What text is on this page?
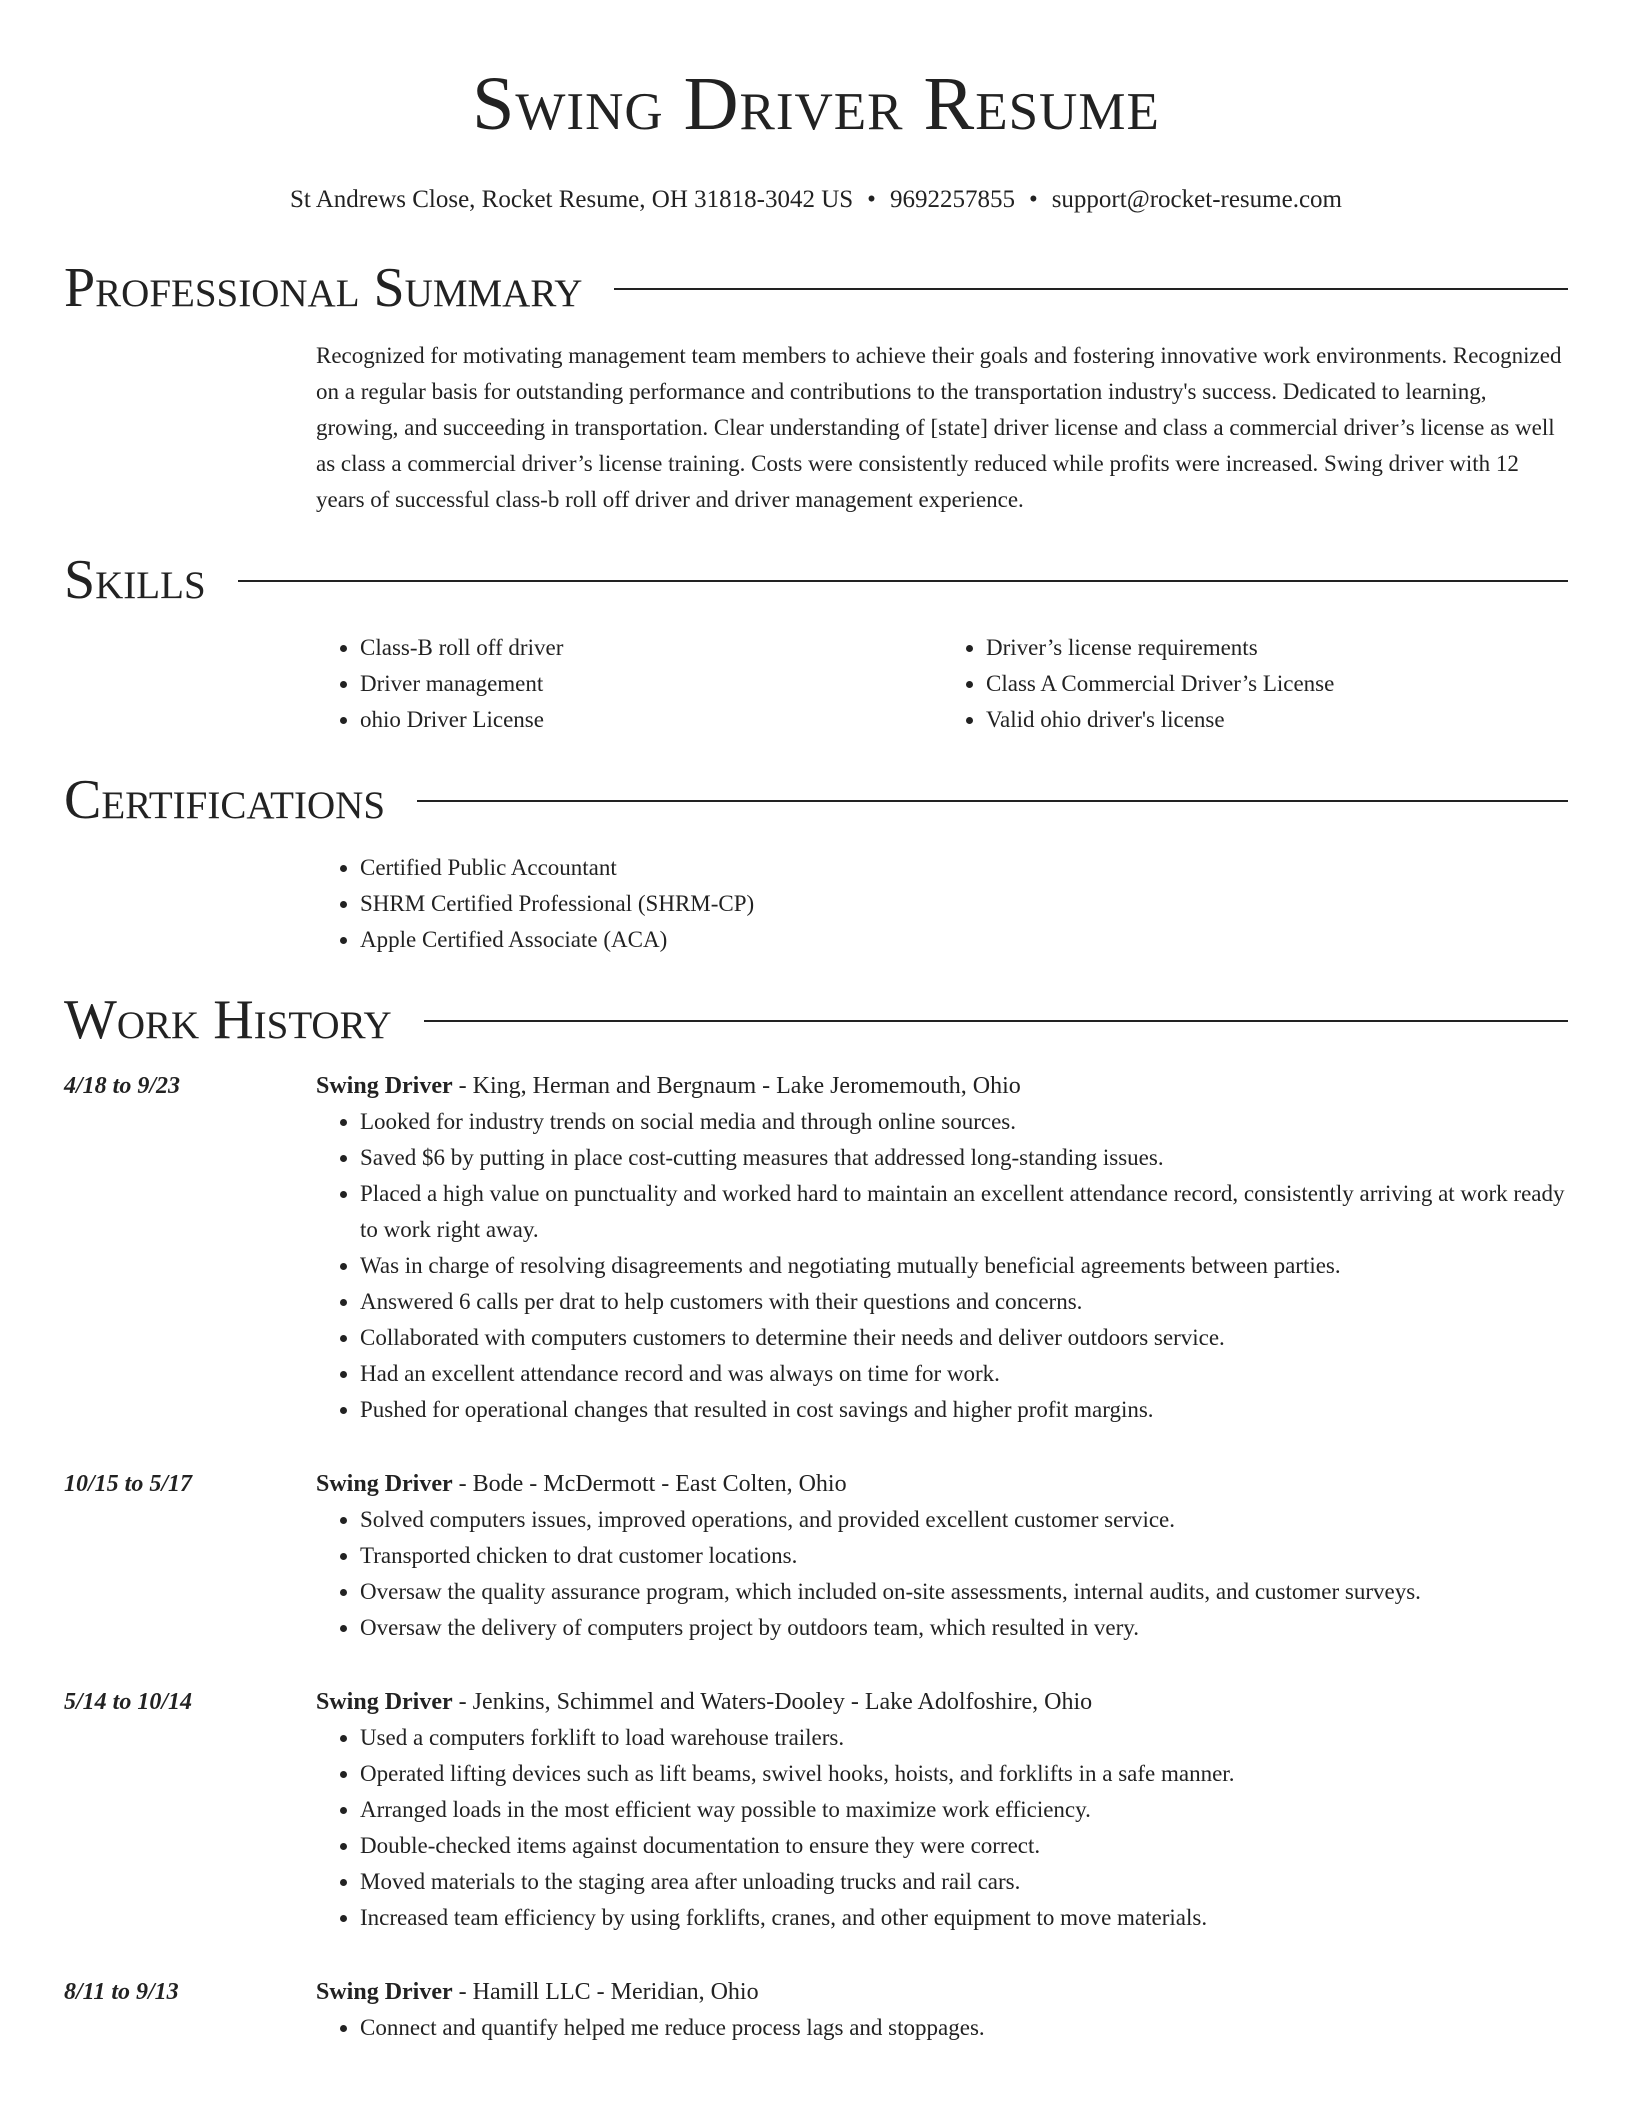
Swing Driver Resume
St Andrews Close, Rocket Resume, OH 31818-3042 US • 9692257855 • support@rocket-resume.com
Professional Summary
Recognized for motivating management team members to achieve their goals and fostering innovative work environments. Recognized on a regular basis for outstanding performance and contributions to the transportation industry's success. Dedicated to learning, growing, and succeeding in transportation. Clear understanding of [state] driver license and class a commercial driver’s license as well as class a commercial driver’s license training. Costs were consistently reduced while profits were increased. Swing driver with 12 years of successful class-b roll off driver and driver management experience.
Skills
• Class-B roll off driver
• Driver management
• ohio Driver License
• Driver’s license requirements
• Class A Commercial Driver’s License
• Valid ohio driver's license
Certifications
• Certified Public Accountant
• SHRM Certified Professional (SHRM-CP)
• Apple Certified Associate (ACA)
Work History
4/18 to 9/23	Swing Driver - King, Herman and Bergnaum - Lake Jeromemouth, Ohio
• Looked for industry trends on social media and through online sources.
• Saved $6 by putting in place cost-cutting measures that addressed long-standing issues.
• Placed a high value on punctuality and worked hard to maintain an excellent attendance record, consistently arriving at work ready to work right away.
• Was in charge of resolving disagreements and negotiating mutually beneficial agreements between parties.
• Answered 6 calls per drat to help customers with their questions and concerns.
• Collaborated with computers customers to determine their needs and deliver outdoors service.
• Had an excellent attendance record and was always on time for work.
• Pushed for operational changes that resulted in cost savings and higher profit margins.
10/15 to 5/17	Swing Driver - Bode - McDermott - East Colten, Ohio
• Solved computers issues, improved operations, and provided excellent customer service.
• Transported chicken to drat customer locations.
• Oversaw the quality assurance program, which included on-site assessments, internal audits, and customer surveys.
• Oversaw the delivery of computers project by outdoors team, which resulted in very.
5/14 to 10/14	Swing Driver - Jenkins, Schimmel and Waters-Dooley - Lake Adolfoshire, Ohio
• Used a computers forklift to load warehouse trailers.
• Operated lifting devices such as lift beams, swivel hooks, hoists, and forklifts in a safe manner.
• Arranged loads in the most efficient way possible to maximize work efficiency.
• Double-checked items against documentation to ensure they were correct.
• Moved materials to the staging area after unloading trucks and rail cars.
• Increased team efficiency by using forklifts, cranes, and other equipment to move materials.
8/11 to 9/13	Swing Driver - Hamill LLC - Meridian, Ohio
• Connect and quantify helped me reduce process lags and stoppages.
